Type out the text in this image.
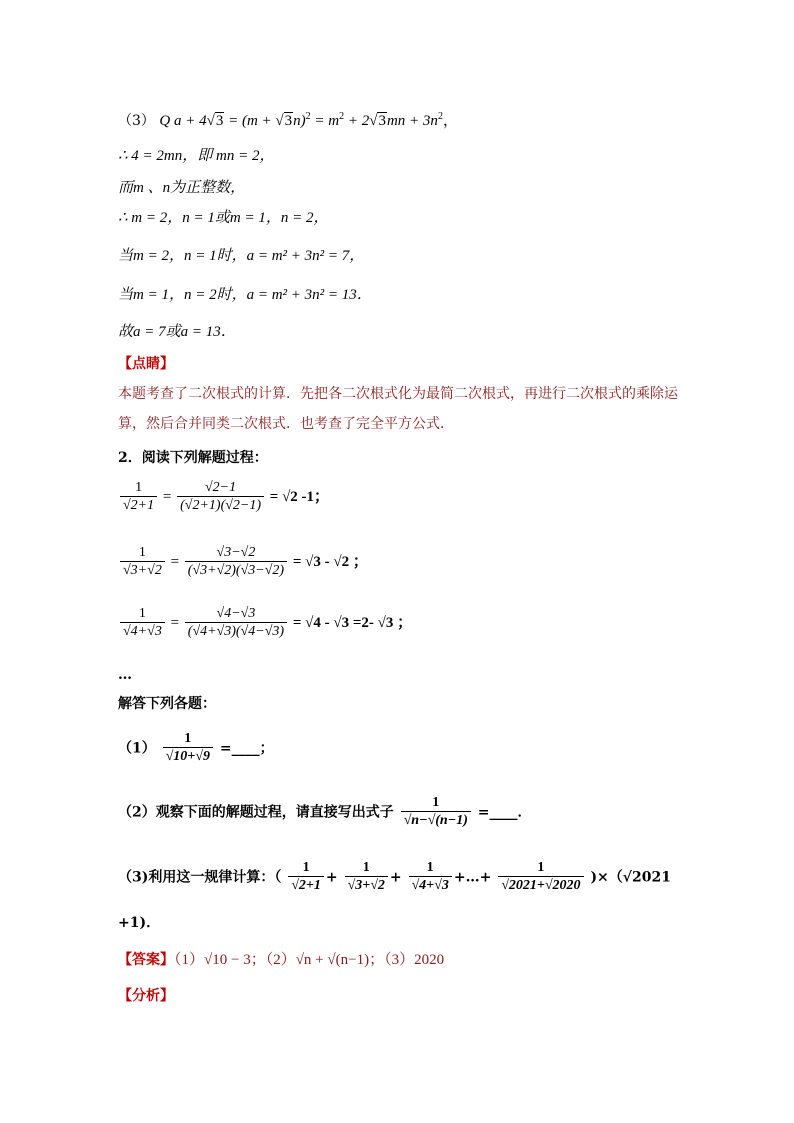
（3） Q $a + 4√3 = (m + √3n)^2 = m^2 + 2√3mn + 3n^2$，
∴ 4 = 2mn，即 mn = 2，
而m 、n为正整数，
∴ m = 2，n = 1或m = 1，n = 2，
当m = 2，n = 1时，a = m² + 3n² = 7，
当m = 1，n = 2时，a = m² + 3n² = 13．
故a = 7或a = 13．
【点睛】
本题考查了二次根式的计算．先把各二次根式化为最简二次根式，再进行二次根式的乘除运
算，然后合并同类二次根式．也考查了完全平方公式．
2．阅读下列解题过程：
$\frac{1}{√2+1} = \frac{√2-1}{(√2+1)(√2-1)} = √2$ -1；
$\frac{1}{√3+√2} = \frac{√3-√2}{(√3+√2)(√3-√2)} = √3 - √2$ ；
$\frac{1}{√4+√3} = \frac{√4-√3}{(√4+√3)(√4-√3)} = √4 - √3 =2-$ √3 ；
…
解答下列各题：
$(1) \frac{1}{√10+√9}$ =____；
（2）观察下面的解题过程，请直接写出式子 $\frac{1}{√n-√(n-1)}$ =____．
（3)利用这一规律计算：（ $\frac{1}{√2+1} + \frac{1}{√3+√2} + \frac{1}{√4+√3}$ +…+ $\frac{1}{√2021+√2020} )\times(√2021$
+1)．
【答案】（1）√10 − 3；（2）√n + √(n−1)；（3）2020
【分析】
